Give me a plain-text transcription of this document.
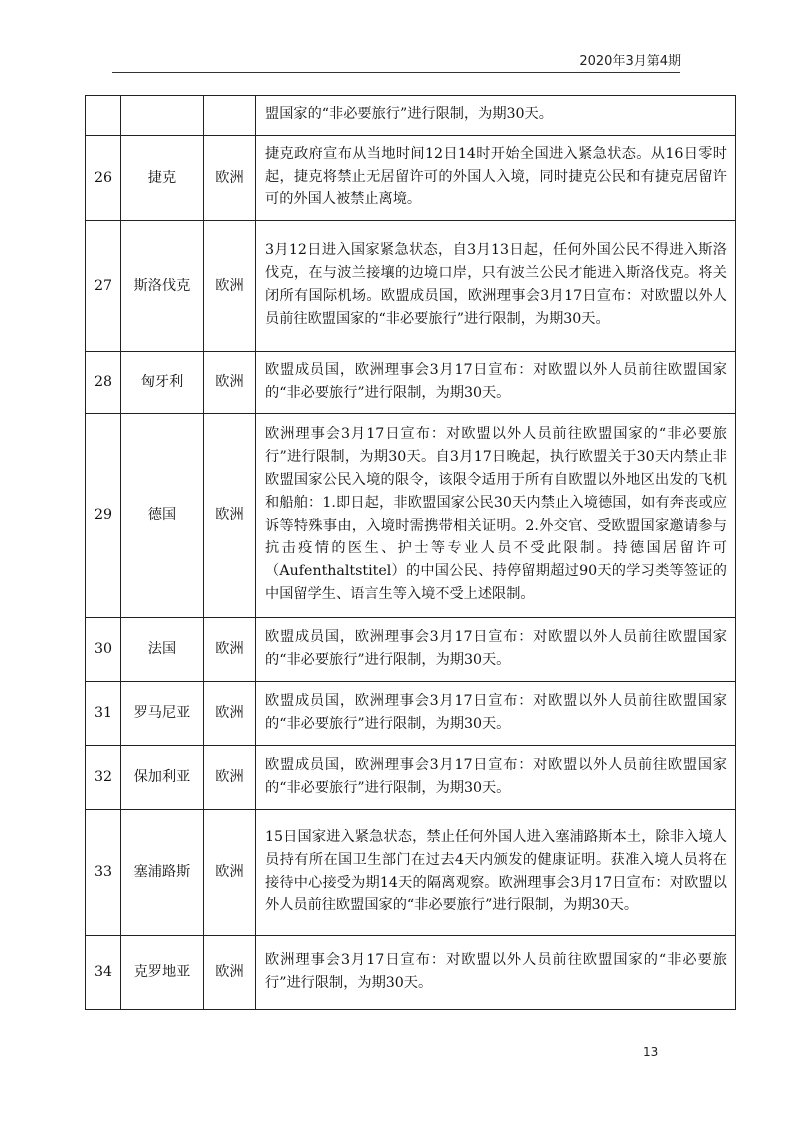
2020年3月第4期
			盟国家的“非必要旅行”进行限制，为期30天。
26	捷克	欧洲	捷克政府宣布从当地时间12日14时开始全国进入紧急状态。从16日零时起，捷克将禁止无居留许可的外国人入境，同时捷克公民和有捷克居留许可的外国人被禁止离境。
27	斯洛伐克	欧洲	3月12日进入国家紧急状态，自3月13日起，任何外国公民不得进入斯洛伐克，在与波兰接壤的边境口岸，只有波兰公民才能进入斯洛伐克。将关闭所有国际机场。欧盟成员国，欧洲理事会3月17日宣布：对欧盟以外人员前往欧盟国家的“非必要旅行”进行限制，为期30天。
28	匈牙利	欧洲	欧盟成员国，欧洲理事会3月17日宣布：对欧盟以外人员前往欧盟国家的“非必要旅行”进行限制，为期30天。
29	德国	欧洲	欧洲理事会3月17日宣布：对欧盟以外人员前往欧盟国家的“非必要旅行”进行限制，为期30天。自3月17日晚起，执行欧盟关于30天内禁止非欧盟国家公民入境的限令，该限令适用于所有自欧盟以外地区出发的飞机和船舶：1.即日起，非欧盟国家公民30天内禁止入境德国，如有奔丧或应诉等特殊事由，入境时需携带相关证明。2.外交官、受欧盟国家邀请参与抗击疫情的医生、护士等专业人员不受此限制。持德国居留许可（Aufenthaltstitel）的中国公民、持停留期超过90天的学习类等签证的中国留学生、语言生等入境不受上述限制。
30	法国	欧洲	欧盟成员国，欧洲理事会3月17日宣布：对欧盟以外人员前往欧盟国家的“非必要旅行”进行限制，为期30天。
31	罗马尼亚	欧洲	欧盟成员国，欧洲理事会3月17日宣布：对欧盟以外人员前往欧盟国家的“非必要旅行”进行限制，为期30天。
32	保加利亚	欧洲	欧盟成员国，欧洲理事会3月17日宣布：对欧盟以外人员前往欧盟国家的“非必要旅行”进行限制，为期30天。
33	塞浦路斯	欧洲	15日国家进入紧急状态，禁止任何外国人进入塞浦路斯本土，除非入境人员持有所在国卫生部门在过去4天内颁发的健康证明。获准入境人员将在接待中心接受为期14天的隔离观察。欧洲理事会3月17日宣布：对欧盟以外人员前往欧盟国家的“非必要旅行”进行限制，为期30天。
34	克罗地亚	欧洲	欧洲理事会3月17日宣布：对欧盟以外人员前往欧盟国家的“非必要旅行”进行限制，为期30天。
13
